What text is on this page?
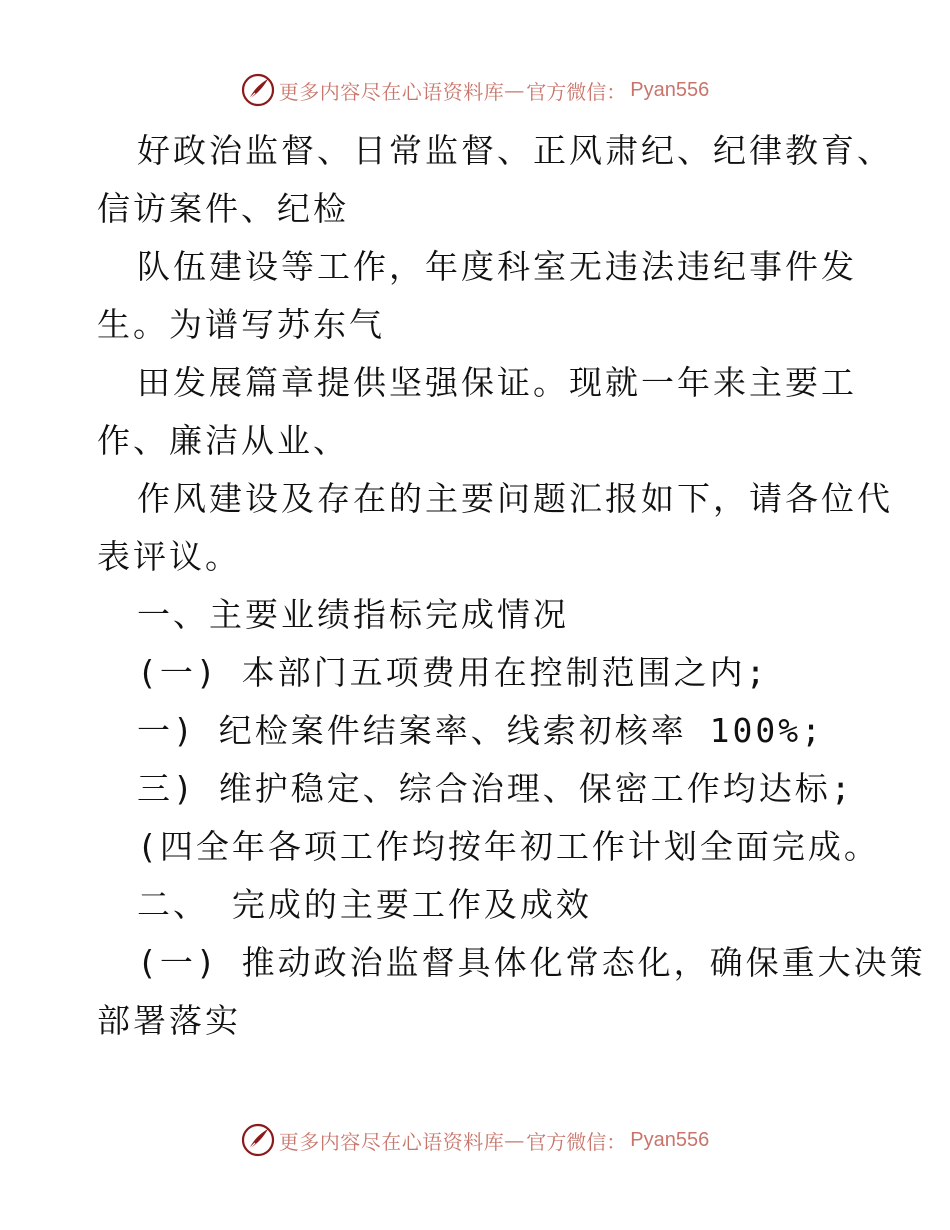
更多内容尽在心语资料库 — 官方微信： Pyan556

好政治监督、日常监督、正风肃纪、纪律教育、

信访案件、纪检

队伍建设等工作，年度科室无违法违纪事件发

生。为谱写苏东气

田发展篇章提供坚强保证。现就一年来主要工

作、廉洁从业、

作风建设及存在的主要问题汇报如下，请各位代

表评议。

一、主要业绩指标完成情况

(一) 本部门五项费用在控制范围之内;

一) 纪检案件结案率、线索初核率 100%;

三) 维护稳定、综合治理、保密工作均达标;

(四全年各项工作均按年初工作计划全面完成。

二、 完成的主要工作及成效

(一) 推动政治监督具体化常态化，确保重大决策

部署落实

更多内容尽在心语资料库 — 官方微信： Pyan556
